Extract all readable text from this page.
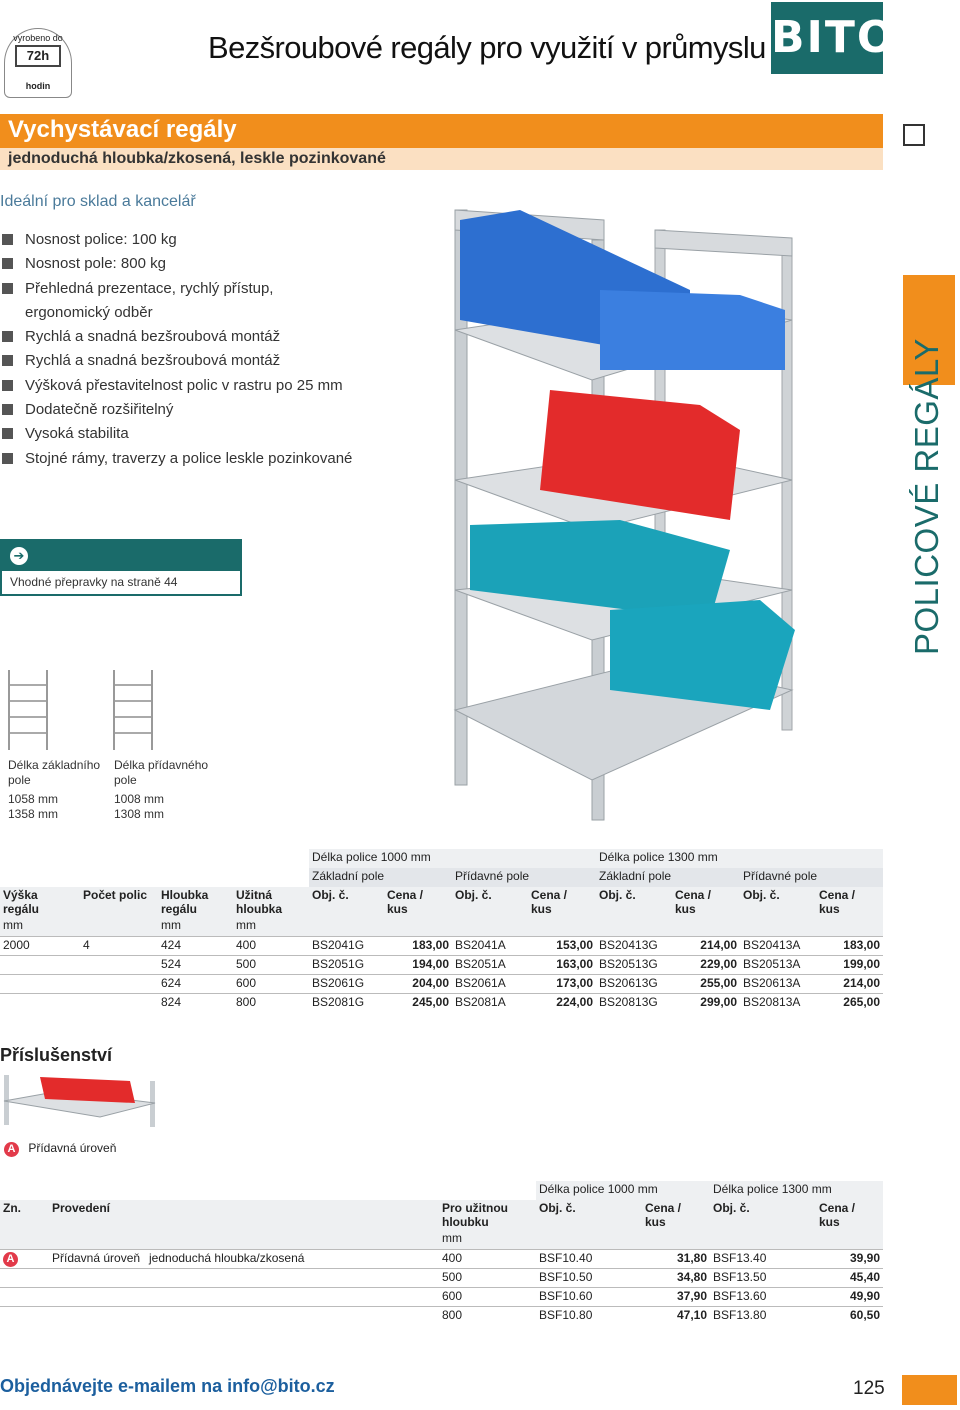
vyrobeno do
72h
hodin
Bezšroubové regály pro využití v průmyslu BITO
Vychystávací regály
jednoduchá hloubka/zkosená, leskle pozinkované
Ideální pro sklad a kancelář
Nosnost police: 100 kg
Nosnost pole: 800 kg
Přehledná prezentace, rychlý přístup,
ergonomický odběr
Rychlá a snadná bezšroubová montáž
Rychlá a snadná bezšroubová montáž
Výšková přestavitelnost polic v rastru po 25 mm
Dodatečně rozšiřitelný
Vysoká stabilita
Stojné rámy, traverzy a police leskle pozinkované
➔
Vhodné přepravky na straně 44	POLICOVÉ REGÁLY
Délka základního
pole
1058 mm
1358 mm
Délka přídavného
pole
1008 mm
1308 mm
				Délka police 1000 mm				Délka police 1300 mm			
				Základní pole		Přídavné pole		Základní pole		Přídavné pole	
Výška
regálu	Počet polic	Hloubka
regálu	Užitná
hloubka	Obj. č.	Cena /
kus	Obj. č.	Cena /
kus	Obj. č.	Cena /
kus	Obj. č.	Cena /
kus
mm		mm	mm								
2000	4	424	400	BS2041G	183,00	BS2041A	153,00	BS20413G	214,00	BS20413A	183,00
		524	500	BS2051G	194,00	BS2051A	163,00	BS20513G	229,00	BS20513A	199,00
		624	600	BS2061G	204,00	BS2061A	173,00	BS20613G	255,00	BS20613A	214,00
		824	800	BS2081G	245,00	BS2081A	224,00	BS20813G	299,00	BS20813A	265,00
Příslušenství
A Přídavná úroveň
				Délka police 1000 mm		Délka police 1300 mm	
Zn.	Provedení		Pro užitnou
hloubku	Obj. č.	Cena /
kus	Obj. č.	Cena /
kus
			mm				
A	Přídavná úroveň	jednoduchá hloubka/zkosená	400	BSF10.40	31,80	BSF13.40	39,90
			500	BSF10.50	34,80	BSF13.50	45,40
			600	BSF10.60	37,90	BSF13.60	49,90
			800	BSF10.80	47,10	BSF13.80	60,50
Objednávejte e-mailem na info@bito.cz	125
